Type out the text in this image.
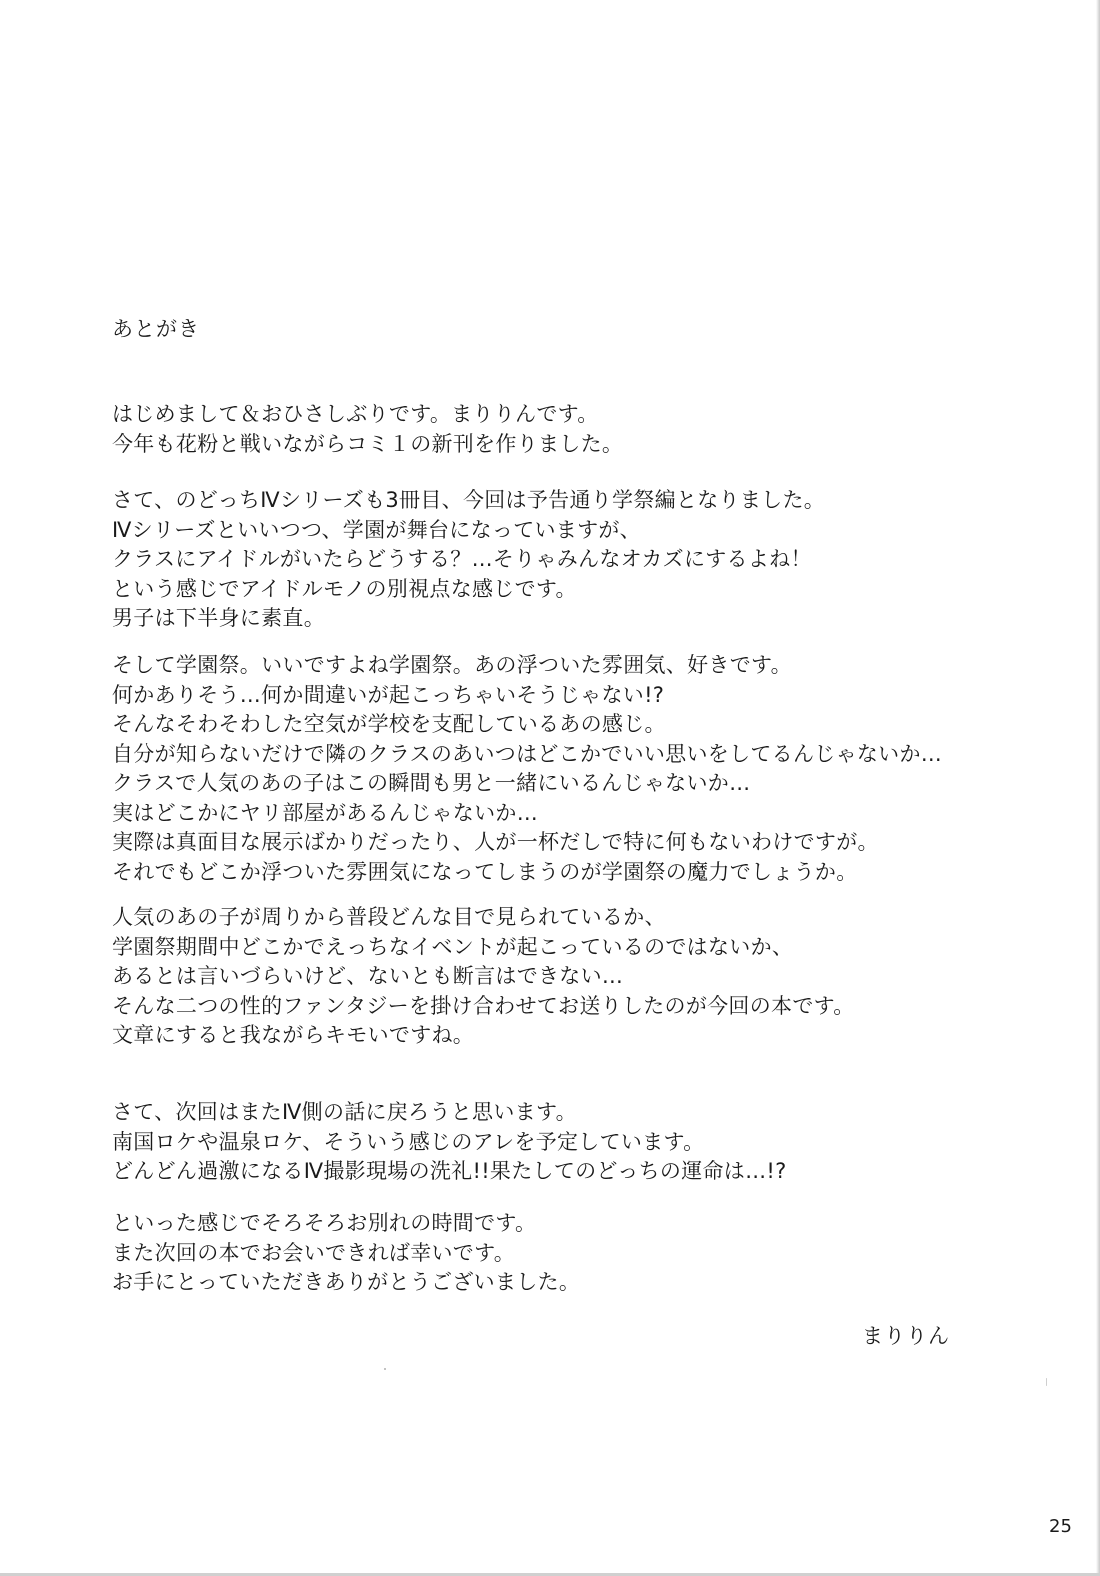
あとがき

はじめまして＆おひさしぶりです。まりりんです。
今年も花粉と戦いながらコミ１の新刊を作りました。

さて、のどっちⅣシリーズも3冊目、今回は予告通り学祭編となりました。
Ⅳシリーズといいつつ、学園が舞台になっていますが、
クラスにアイドルがいたらどうする？…そりゃみんなオカズにするよね！
という感じでアイドルモノの別視点な感じです。
男子は下半身に素直。

そして学園祭。いいですよね学園祭。あの浮ついた雰囲気、好きです。
何かありそう…何か間違いが起こっちゃいそうじゃない!?
そんなそわそわした空気が学校を支配しているあの感じ。
自分が知らないだけで隣のクラスのあいつはどこかでいい思いをしてるんじゃないか…
クラスで人気のあの子はこの瞬間も男と一緒にいるんじゃないか…
実はどこかにヤリ部屋があるんじゃないか…
実際は真面目な展示ばかりだったり、人が一杯だしで特に何もないわけですが。
それでもどこか浮ついた雰囲気になってしまうのが学園祭の魔力でしょうか。

人気のあの子が周りから普段どんな目で見られているか、
学園祭期間中どこかでえっちなイベントが起こっているのではないか、
あるとは言いづらいけど、ないとも断言はできない…
そんな二つの性的ファンタジーを掛け合わせてお送りしたのが今回の本です。
文章にすると我ながらキモいですね。

さて、次回はまたⅣ側の話に戻ろうと思います。
南国ロケや温泉ロケ、そういう感じのアレを予定しています。
どんどん過激になるⅣ撮影現場の洗礼!!果たしてのどっちの運命は…!?

といった感じでそろそろお別れの時間です。
また次回の本でお会いできれば幸いです。
お手にとっていただきありがとうございました。

まりりん

25
